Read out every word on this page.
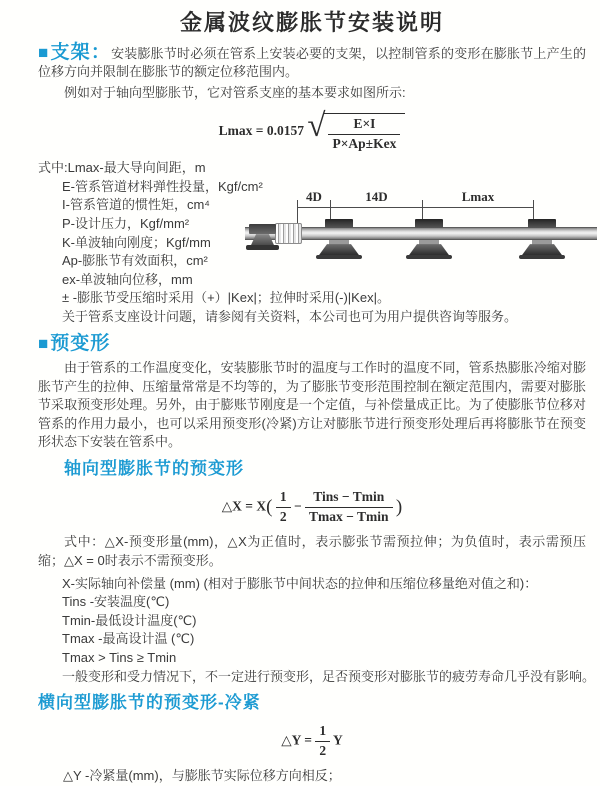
金属波纹膨胀节安装说明

■支架：安装膨胀节时必须在管系上安装必要的支架，以控制管系的变形在膨胀节上产生的位移方向并限制在膨胀节的额定位移范围内。

例如对于轴向型膨胀节，它对管系支座的基本要求如图所示:

Lmax = 0.0157 √ $\frac{E\times I}{\text{P×Ap±Kex}}$
式中:Lmax-最大导向间距，m
E-管系管道材料弹性投量，Kgf/cm²
I-管系管道的惯性矩，cm⁴
P-设计压力，Kgf/mm²
K-单波轴向刚度；Kgf/mm
Ap-膨胀节有效面积，cm²
ex-单波轴向位移，mm
± -膨胀节受压缩时采用（+）|Kex|；拉伸时采用(-)|Kex|。
关于管系支座设计问题，请参阅有关资料，本公司也可为用户提供咨询等服务。
4D	14D	Lmax
■预变形

由于管系的工作温度变化，安装膨胀节时的温度与工作时的温度不同，管系热膨胀冷缩对膨胀节产生的拉伸、压缩量常常是不均等的，为了膨胀节变形范围控制在额定范围内，需要对膨胀节采取预变形处理。另外，由于膨账节刚度是一个定值，与补偿量成正比。为了使膨胀节位移对管系的作用力最小，也可以采用预变形(冷紧)方让对膨胀节进行预变形处理后再将膨胀节在预变形状态下安装在管系中。

轴向型膨胀节的预变形
△X = $X( \frac{1}{2} - \frac{\text{Tins − Tmin}}{Tmax - Tmin}$ )

式中：△X-预变形量(mm)，△X为正值时，表示膨张节需预拉伸；为负值时，表示需预压缩；△X = 0时表示不需预变形。

X-实际轴向补偿量 (mm) (相对于膨胀节中间状态的拉伸和压缩位移量绝对值之和)：
Tins -安装温度(℃)
Tmin-最低设计温度(℃)
Tmax -最高设计温 (℃)
Tmax > Tins ≥ Tmin
一般变形和受力情况下，不一定进行预变形，足否预变形对膨胀节的疲劳寿命几乎没有影响。
横向型膨胀节的预变形-冷紧
△Y = $\frac{1}{2}$ Y

△Y -冷紧量(mm)，与膨胀节实际位移方向相反；
